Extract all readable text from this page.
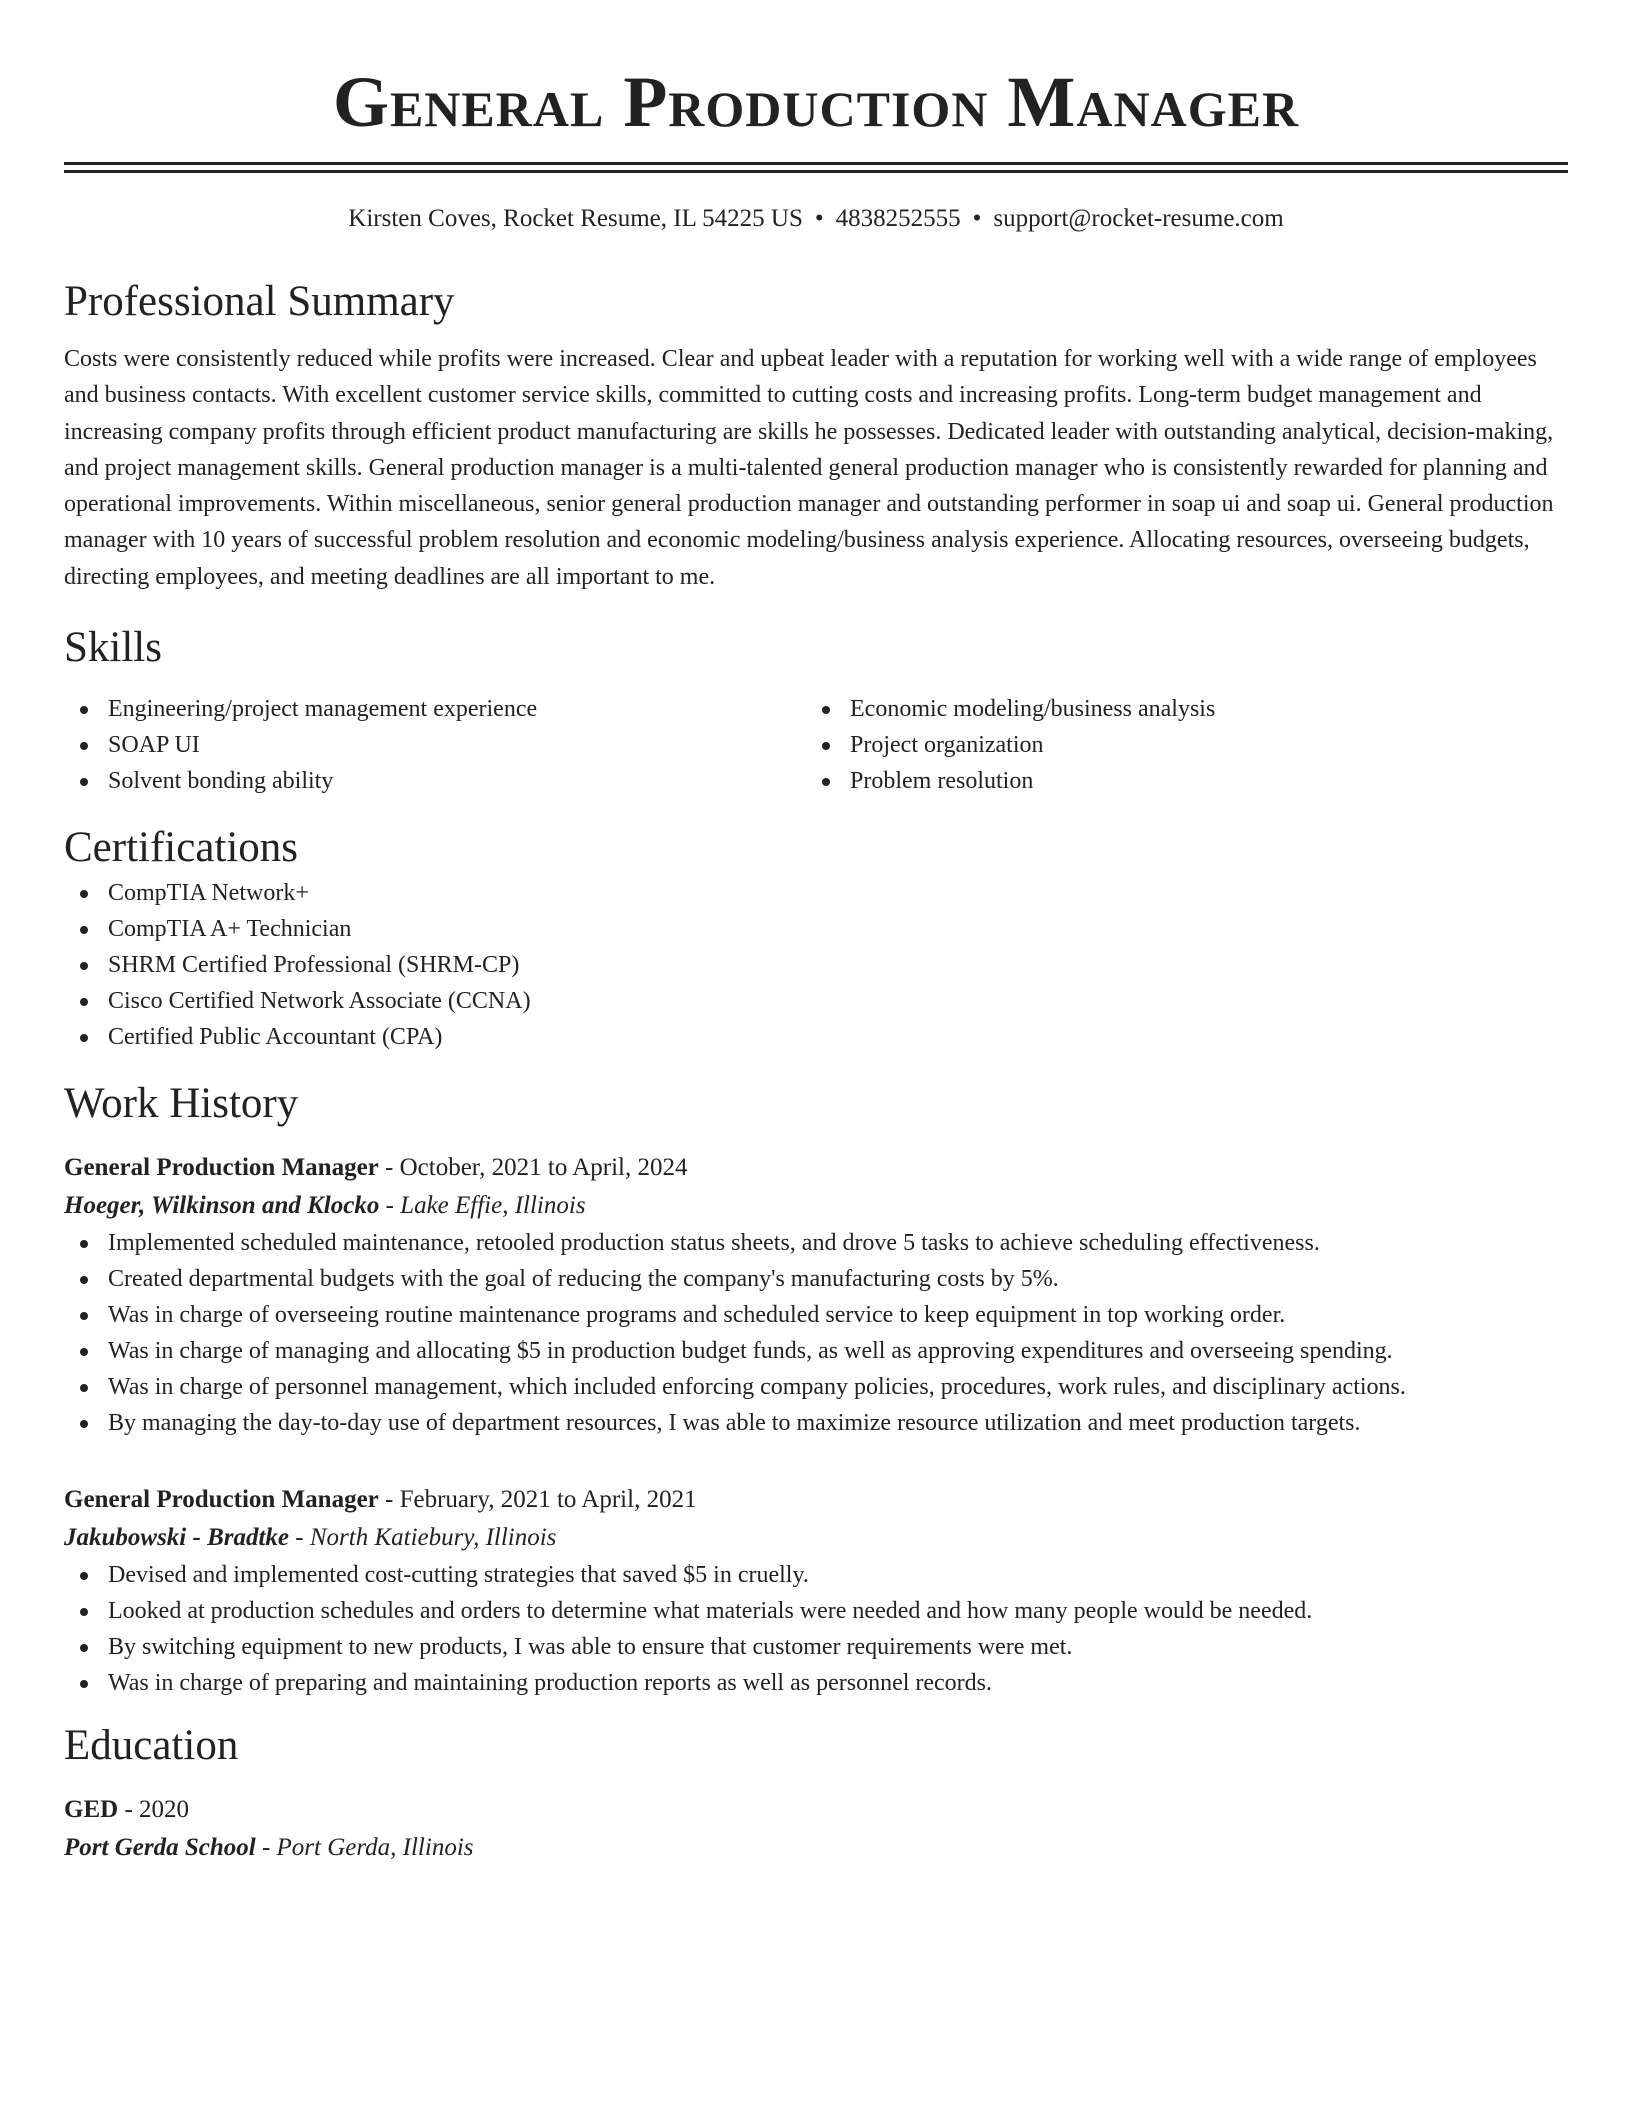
General Production Manager
Kirsten Coves, Rocket Resume, IL 54225 US • 4838252555 • support@rocket-resume.com
Professional Summary

Costs were consistently reduced while profits were increased. Clear and upbeat leader with a reputation for working well with a wide range of employees and business contacts. With excellent customer service skills, committed to cutting costs and increasing profits. Long-term budget management and increasing company profits through efficient product manufacturing are skills he possesses. Dedicated leader with outstanding analytical, decision-making, and project management skills. General production manager is a multi-talented general production manager who is consistently rewarded for planning and operational improvements. Within miscellaneous, senior general production manager and outstanding performer in soap ui and soap ui. General production manager with 10 years of successful problem resolution and economic modeling/business analysis experience. Allocating resources, overseeing budgets, directing employees, and meeting deadlines are all important to me.

Skills
Engineering/project management experience
SOAP UI
Solvent bonding ability
Economic modeling/business analysis
Project organization
Problem resolution
Certifications
CompTIA Network+
CompTIA A+ Technician
SHRM Certified Professional (SHRM-CP)
Cisco Certified Network Associate (CCNA)
Certified Public Accountant (CPA)
Work History
General Production Manager - October, 2021 to April, 2024
Hoeger, Wilkinson and Klocko - Lake Effie, Illinois
Implemented scheduled maintenance, retooled production status sheets, and drove 5 tasks to achieve scheduling effectiveness.
Created departmental budgets with the goal of reducing the company's manufacturing costs by 5%.
Was in charge of overseeing routine maintenance programs and scheduled service to keep equipment in top working order.
Was in charge of managing and allocating $5 in production budget funds, as well as approving expenditures and overseeing spending.
Was in charge of personnel management, which included enforcing company policies, procedures, work rules, and disciplinary actions.
By managing the day-to-day use of department resources, I was able to maximize resource utilization and meet production targets.
General Production Manager - February, 2021 to April, 2021
Jakubowski - Bradtke - North Katiebury, Illinois
Devised and implemented cost-cutting strategies that saved $5 in cruelly.
Looked at production schedules and orders to determine what materials were needed and how many people would be needed.
By switching equipment to new products, I was able to ensure that customer requirements were met.
Was in charge of preparing and maintaining production reports as well as personnel records.
Education
GED - 2020
Port Gerda School - Port Gerda, Illinois
